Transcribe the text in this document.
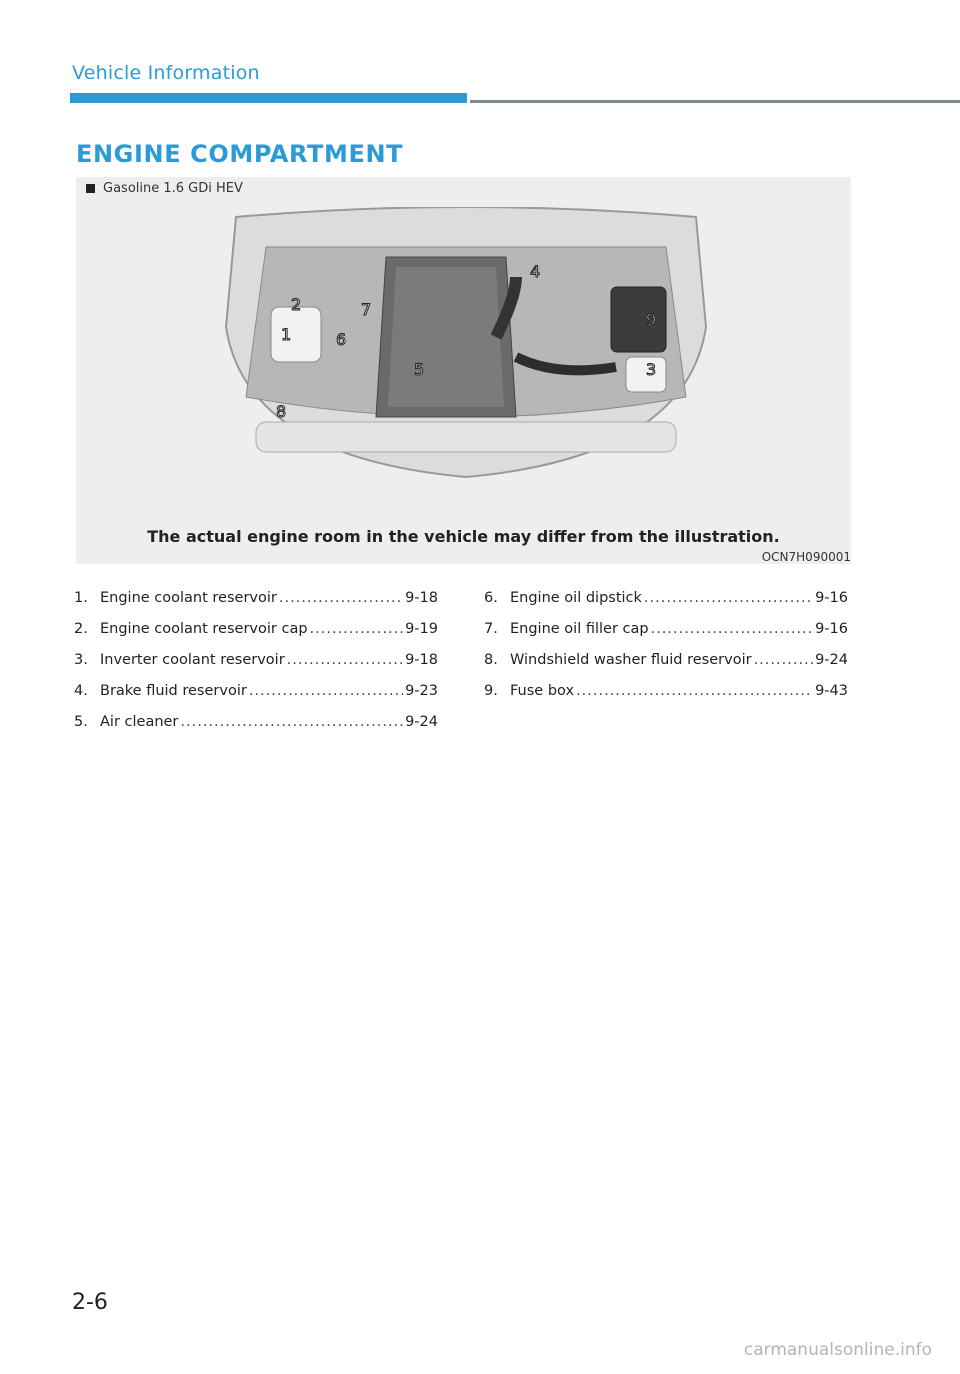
Vehicle Information
ENGINE COMPARTMENT
Gasoline 1.6 GDi HEV
1
2
3
4
5
6
7
8
9
The actual engine room in the vehicle may differ from the illustration.
OCN7H090001
1. Engine coolant reservoir .....	9-18
2. Engine coolant reservoir cap .....	9-19
3. Inverter coolant reservoir .....	9-18
4. Brake fluid reservoir .....	9-23
5. Air cleaner .....	9-24
6. Engine oil dipstick .....	9-16
7. Engine oil filler cap .....	9-16
8. Windshield washer fluid reservoir .....	9-24
9. Fuse box .....	9-43
2-6
carmanualsonline.info
